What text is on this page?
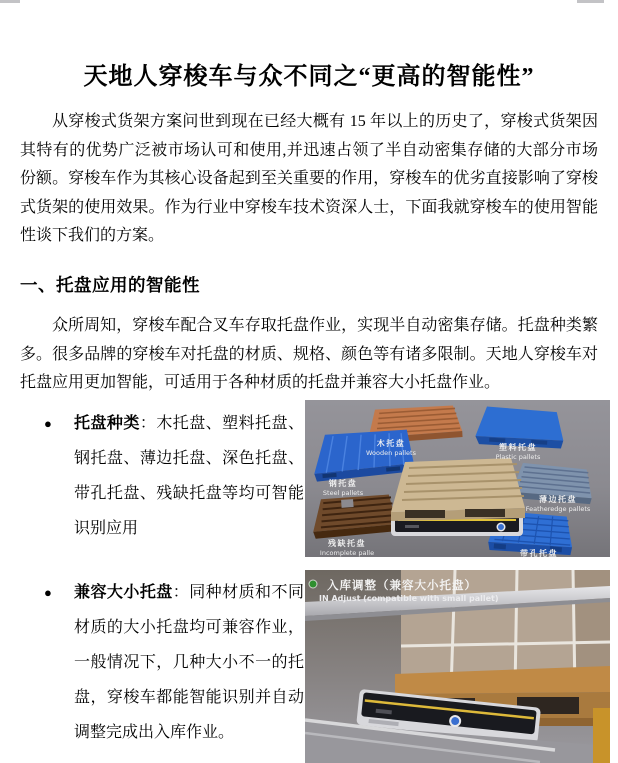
天地人穿梭车与众不同之“更高的智能性”

从穿梭式货架方案问世到现在已经大概有 15 年以上的历史了，穿梭式货架因其特有的优势广泛被市场认可和使用,并迅速占领了半自动密集存储的大部分市场份额。穿梭车作为其核心设备起到至关重要的作用，穿梭车的优劣直接影响了穿梭式货架的使用效果。作为行业中穿梭车技术资深人士，下面我就穿梭车的使用智能性谈下我们的方案。

一、托盘应用的智能性

众所周知，穿梭车配合叉车存取托盘作业，实现半自动密集存储。托盘种类繁多。很多品牌的穿梭车对托盘的材质、规格、颜色等有诸多限制。天地人穿梭车对托盘应用更加智能，可适用于各种材质的托盘并兼容大小托盘作业。

●	托盘种类：木托盘、塑料托盘、钢托盘、薄边托盘、深色托盘、带孔托盘、残缺托盘等均可智能识别应用
●	兼容大小托盘：同种材质和不同材质的大小托盘均可兼容作业，一般情况下，几种大小不一的托盘，穿梭车都能智能识别并自动调整完成出入库作业。
木托盘
Wooden pallets
塑料托盘
Plastic pallets
钢托盘
Steel pallets
薄边托盘
Featheredge pallets
残缺托盘
Incomplete palle	带孔托盘
入库调整（兼容大小托盘）
IN Adjust (compatible with small pallet)
